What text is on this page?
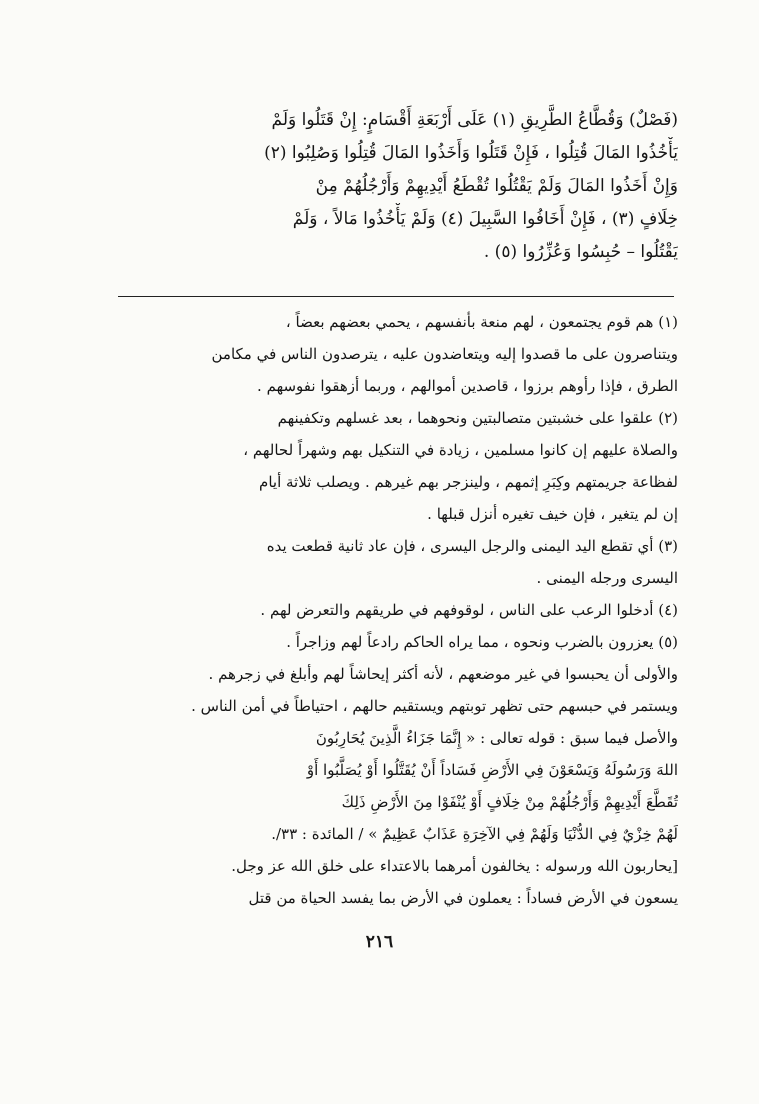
(فَصْلٌ) وَقُطَّاعُ الطَّرِيقِ (١) عَلَى أَرْبَعَةِ أَقْسَامٍ: إِنْ قَتَلُوا وَلَمْ
يَأْخُذُوا المَالَ قُتِلُوا ، فَإِنْ قَتَلُوا وَأَخَذُوا المَالَ قُتِلُوا وَصُلِبُوا (٢)
وَإِنْ أَخَذُوا المَالَ وَلَمْ يَقْتُلُوا تُقْطَعُ أَيْدِيهِمْ وَأَرْجُلُهُمْ مِنْ
خِلَافٍ (٣) ، فَإِنْ أَخَافُوا السَّبِيلَ (٤) وَلَمْ يَأْخُذُوا مَالاً ، وَلَمْ
يَقْتُلُوا – حُبِسُوا وَعُزِّرُوا (٥) .
(١) هم قوم يجتمعون ، لهم منعة بأنفسهم ، يحمي بعضهم بعضاً ،
ويتناصرون على ما قصدوا إليه ويتعاضدون عليه ، يترصدون الناس في مكامن
الطرق ، فإذا رأوهم برزوا ، قاصدين أموالهم ، وربما أزهقوا نفوسهم .
(٢) علقوا على خشبتين متصالبتين ونحوهما ، بعد غسلهم وتكفينهم
والصلاة عليهم إن كانوا مسلمين ، زيادة في التنكيل بهم وشهراً لحالهم ،
لفظاعة جريمتهم وكِبَرِ إثمهم ، ولينزجر بهم غيرهم . ويصلب ثلاثة أيام
إن لم يتغير ، فإن خيف تغيره أنزل قبلها .
(٣) أي تقطع اليد اليمنى والرجل اليسرى ، فإن عاد ثانية قطعت يده
اليسرى ورجله اليمنى .
(٤) أدخلوا الرعب على الناس ، لوقوفهم في طريقهم والتعرض لهم .
(٥) يعزرون بالضرب ونحوه ، مما يراه الحاكم رادعاً لهم وزاجراً .
والأولى أن يحبسوا في غير موضعهم ، لأنه أكثر إيحاشاً لهم وأبلغ في زجرهم .
ويستمر في حبسهم حتى تظهر توبتهم ويستقيم حالهم ، احتياطاً في أمن الناس .
والأصل فيما سبق : قوله تعالى : « إِنَّمَا جَزَاءُ الَّذِينَ يُحَارِبُونَ
اللهَ وَرَسُولَهُ وَيَسْعَوْنَ فِي الأَرْضِ فَسَاداً أَنْ يُقَتَّلُوا أَوْ يُصَلَّبُوا أَوْ
تُقَطَّعَ أَيْدِيهِمْ وَأَرْجُلُهُمْ مِنْ خِلَافٍ أَوْ يُنْفَوْا مِنَ الأَرْضِ ذَلِكَ
لَهُمْ خِزْيٌ فِي الدُّنْيَا وَلَهُمْ فِي الآخِرَةِ عَذَابٌ عَظِيمٌ » / المائدة : ٣٣/.
[يحاربون الله ورسوله : يخالفون أمرهما بالاعتداء على خلق الله عز وجل.
يسعون في الأرض فساداً : يعملون في الأرض بما يفسد الحياة من قتل
٢١٦
